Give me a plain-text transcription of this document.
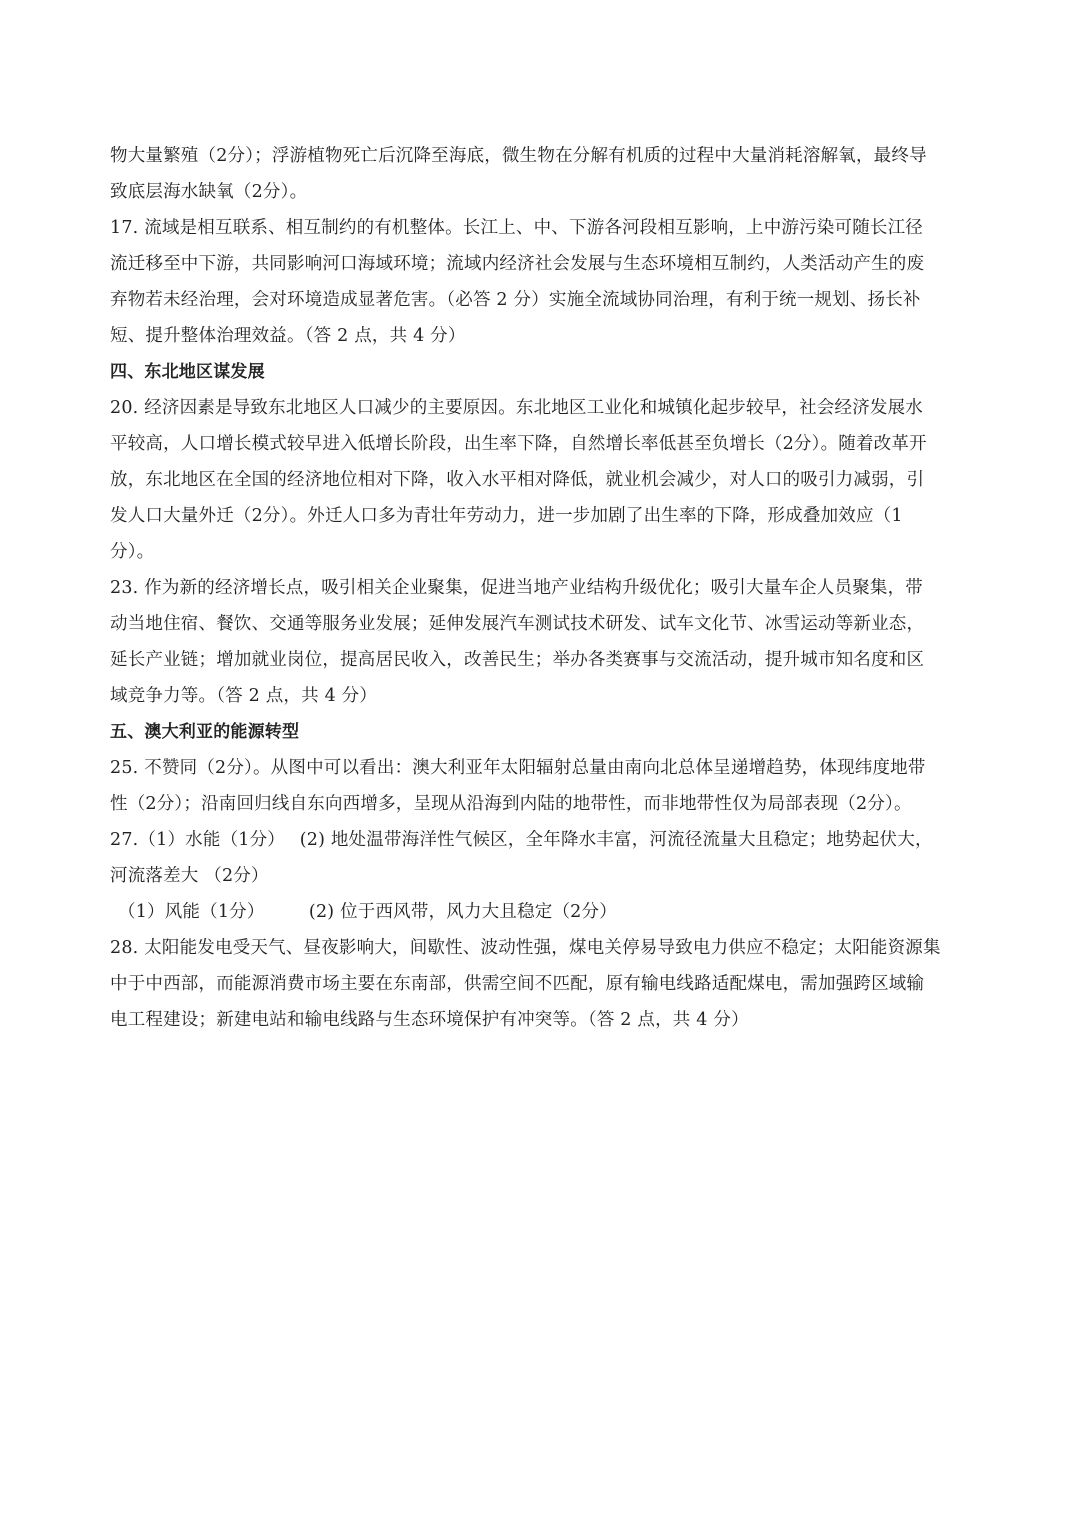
物大量繁殖（2分）；浮游植物死亡后沉降至海底，微生物在分解有机质的过程中大量消耗溶解氧，最终导
致底层海水缺氧（2分）。
17. 流域是相互联系、相互制约的有机整体。长江上、中、下游各河段相互影响，上中游污染可随长江径
流迁移至中下游，共同影响河口海域环境；流域内经济社会发展与生态环境相互制约，人类活动产生的废
弃物若未经治理，会对环境造成显著危害。（必答 2 分）实施全流域协同治理，有利于统一规划、扬长补
短、提升整体治理效益。（答 2 点，共 4 分）
四、东北地区谋发展
20. 经济因素是导致东北地区人口减少的主要原因。东北地区工业化和城镇化起步较早，社会经济发展水
平较高，人口增长模式较早进入低增长阶段，出生率下降，自然增长率低甚至负增长（2分）。随着改革开
放，东北地区在全国的经济地位相对下降，收入水平相对降低，就业机会减少，对人口的吸引力减弱，引
发人口大量外迁（2分）。外迁人口多为青壮年劳动力，进一步加剧了出生率的下降，形成叠加效应（1
分）。
23. 作为新的经济增长点，吸引相关企业聚集，促进当地产业结构升级优化；吸引大量车企人员聚集，带
动当地住宿、餐饮、交通等服务业发展；延伸发展汽车测试技术研发、试车文化节、冰雪运动等新业态，
延长产业链；增加就业岗位，提高居民收入，改善民生；举办各类赛事与交流活动，提升城市知名度和区
域竞争力等。（答 2 点，共 4 分）
五、澳大利亚的能源转型
25. 不赞同（2分）。从图中可以看出：澳大利亚年太阳辐射总量由南向北总体呈递增趋势，体现纬度地带
性（2分）；沿南回归线自东向西增多，呈现从沿海到内陆的地带性，而非地带性仅为局部表现（2分）。
27.（1）水能（1分）　 (2) 地处温带海洋性气候区，全年降水丰富，河流径流量大且稳定；地势起伏大，
河流落差大 （2分）
（1）风能（1分）　　　(2) 位于西风带，风力大且稳定（2分）
28. 太阳能发电受天气、昼夜影响大，间歇性、波动性强，煤电关停易导致电力供应不稳定；太阳能资源集
中于中西部，而能源消费市场主要在东南部，供需空间不匹配，原有输电线路适配煤电，需加强跨区域输
电工程建设；新建电站和输电线路与生态环境保护有冲突等。（答 2 点，共 4 分）
